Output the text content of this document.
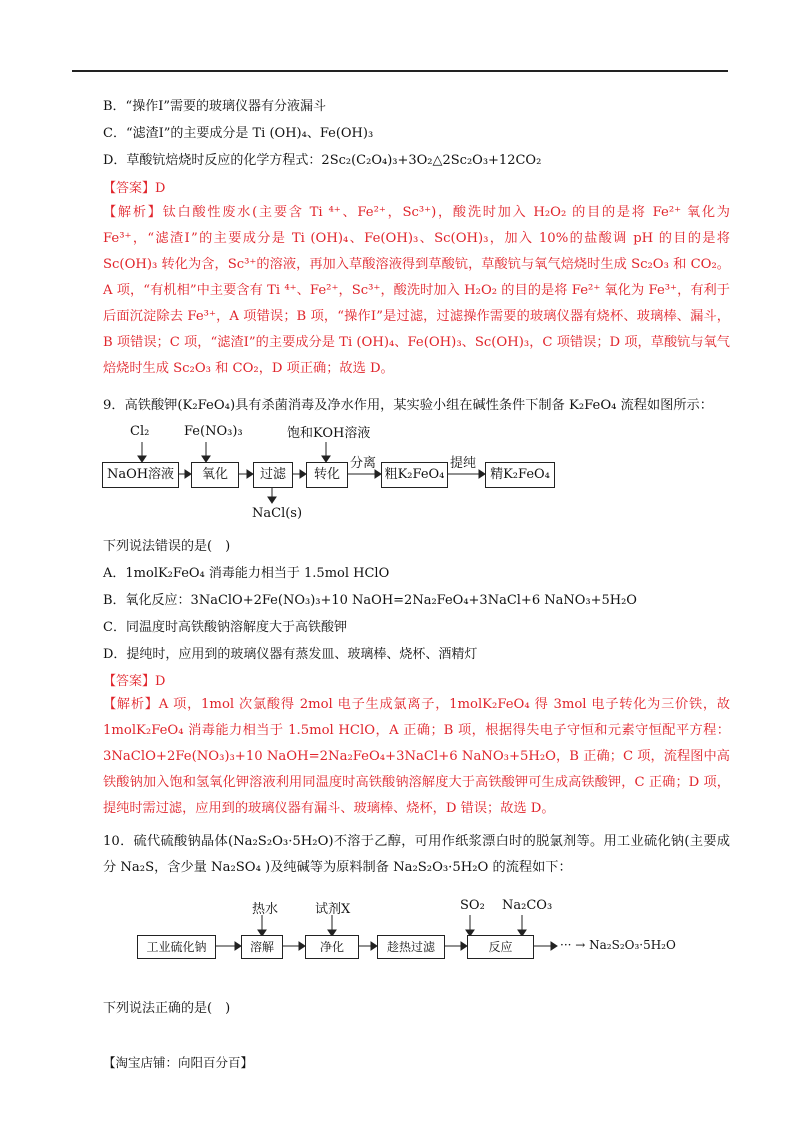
B．“操作Ⅰ”需要的玻璃仪器有分液漏斗
C．“滤渣Ⅰ”的主要成分是 Ti (OH)₄、Fe(OH)₃
D．草酸钪焙烧时反应的化学方程式：2Sc₂(C₂O₄)₃+3O₂△2Sc₂O₃+12CO₂
【答案】D
【解析】钛白酸性废水(主要含 Ti ⁴⁺、Fe²⁺，Sc³⁺)，酸洗时加入 H₂O₂ 的目的是将 Fe²⁺ 氧化为 Fe³⁺，“滤渣Ⅰ”的主要成分是 Ti (OH)₄、Fe(OH)₃、Sc(OH)₃，加入 10%的盐酸调 pH 的目的是将 Sc(OH)₃ 转化为含，Sc³⁺的溶液，再加入草酸溶液得到草酸钪，草酸钪与氧气焙烧时生成 Sc₂O₃ 和 CO₂。A 项，“有机相”中主要含有 Ti ⁴⁺、Fe²⁺，Sc³⁺，酸洗时加入 H₂O₂ 的目的是将 Fe²⁺ 氧化为 Fe³⁺，有利于后面沉淀除去 Fe³⁺，A 项错误；B 项，“操作Ⅰ”是过滤，过滤操作需要的玻璃仪器有烧杯、玻璃棒、漏斗，B 项错误；C 项，“滤渣Ⅰ”的主要成分是 Ti (OH)₄、Fe(OH)₃、Sc(OH)₃，C 项错误；D 项，草酸钪与氧气焙烧时生成 Sc₂O₃ 和 CO₂，D 项正确；故选 D。
9．高铁酸钾(K₂FeO₄)具有杀菌消毒及净水作用，某实验小组在碱性条件下制备 K₂FeO₄ 流程如图所示：
Cl₂	Fe(NO₃)₃	饱和KOH溶液
NaOH溶液	氧化	过滤	转化
分离
粗K₂FeO₄
提纯
精K₂FeO₄
NaCl(s)
下列说法错误的是(　)
A．1molK₂FeO₄ 消毒能力相当于 1.5mol HClO
B．氧化反应：3NaClO+2Fe(NO₃)₃+10 NaOH=2Na₂FeO₄+3NaCl+6 NaNO₃+5H₂O
C．同温度时高铁酸钠溶解度大于高铁酸钾
D．提纯时，应用到的玻璃仪器有蒸发皿、玻璃棒、烧杯、酒精灯
【答案】D
【解析】A 项，1mol 次氯酸得 2mol 电子生成氯离子，1molK₂FeO₄ 得 3mol 电子转化为三价铁，故 1molK₂FeO₄ 消毒能力相当于 1.5mol HClO，A 正确；B 项，根据得失电子守恒和元素守恒配平方程：3NaClO+2Fe(NO₃)₃+10 NaOH=2Na₂FeO₄+3NaCl+6 NaNO₃+5H₂O，B 正确；C 项，流程图中高铁酸钠加入饱和氢氧化钾溶液利用同温度时高铁酸钠溶解度大于高铁酸钾可生成高铁酸钾，C 正确；D 项，提纯时需过滤，应用到的玻璃仪器有漏斗、玻璃棒、烧杯，D 错误；故选 D。
10．硫代硫酸钠晶体(Na₂S₂O₃·5H₂O)不溶于乙醇，可用作纸浆漂白时的脱氯剂等。用工业硫化钠(主要成分 Na₂S，含少量 Na₂SO₄ )及纯碱等为原料制备 Na₂S₂O₃·5H₂O 的流程如下：
热水	试剂X	SO₂ Na₂CO₃
工业硫化钠	溶解	净化	趁热过滤	反应	··· → Na₂S₂O₃·5H₂O
下列说法正确的是(　)
【淘宝店铺：向阳百分百】
